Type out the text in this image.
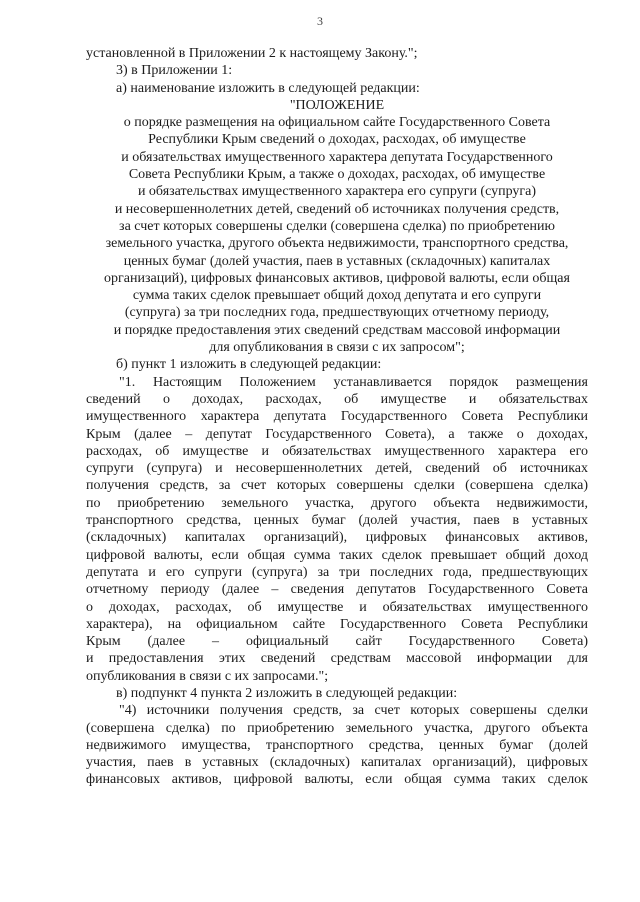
3
установленной в Приложении 2 к настоящему Закону.";
3) в Приложении 1:
а) наименование изложить в следующей редакции:
"ПОЛОЖЕНИЕ
о порядке размещения на официальном сайте Государственного Совета
Республики Крым сведений о доходах, расходах, об имуществе
и обязательствах имущественного характера депутата Государственного
Совета Республики Крым, а также о доходах, расходах, об имуществе
и обязательствах имущественного характера его супруги (супруга)
и несовершеннолетних детей, сведений об источниках получения средств,
за счет которых совершены сделки (совершена сделка) по приобретению
земельного участка, другого объекта недвижимости, транспортного средства,
ценных бумаг (долей участия, паев в уставных (складочных) капиталах
организаций), цифровых финансовых активов, цифровой валюты, если общая
сумма таких сделок превышает общий доход депутата и его супруги
(супруга) за три последних года, предшествующих отчетному периоду,
и порядке предоставления этих сведений средствам массовой информации
для опубликования в связи с их запросом";
б) пункт 1 изложить в следующей редакции:
"1. Настоящим Положением устанавливается порядок размещения
сведений о доходах, расходах, об имуществе и обязательствах
имущественного характера депутата Государственного Совета Республики
Крым (далее – депутат Государственного Совета), а также о доходах,
расходах, об имуществе и обязательствах имущественного характера его
супруги (супруга) и несовершеннолетних детей, сведений об источниках
получения средств, за счет которых совершены сделки (совершена сделка)
по приобретению земельного участка, другого объекта недвижимости,
транспортного средства, ценных бумаг (долей участия, паев в уставных
(складочных) капиталах организаций), цифровых финансовых активов,
цифровой валюты, если общая сумма таких сделок превышает общий доход
депутата и его супруги (супруга) за три последних года, предшествующих
отчетному периоду (далее – сведения депутатов Государственного Совета
о доходах, расходах, об имуществе и обязательствах имущественного
характера), на официальном сайте Государственного Совета Республики
Крым (далее – официальный сайт Государственного Совета)
и предоставления этих сведений средствам массовой информации для
опубликования в связи с их запросами.";
в) подпункт 4 пункта 2 изложить в следующей редакции:
"4) источники получения средств, за счет которых совершены сделки
(совершена сделка) по приобретению земельного участка, другого объекта
недвижимого имущества, транспортного средства, ценных бумаг (долей
участия, паев в уставных (складочных) капиталах организаций), цифровых
финансовых активов, цифровой валюты, если общая сумма таких сделок
